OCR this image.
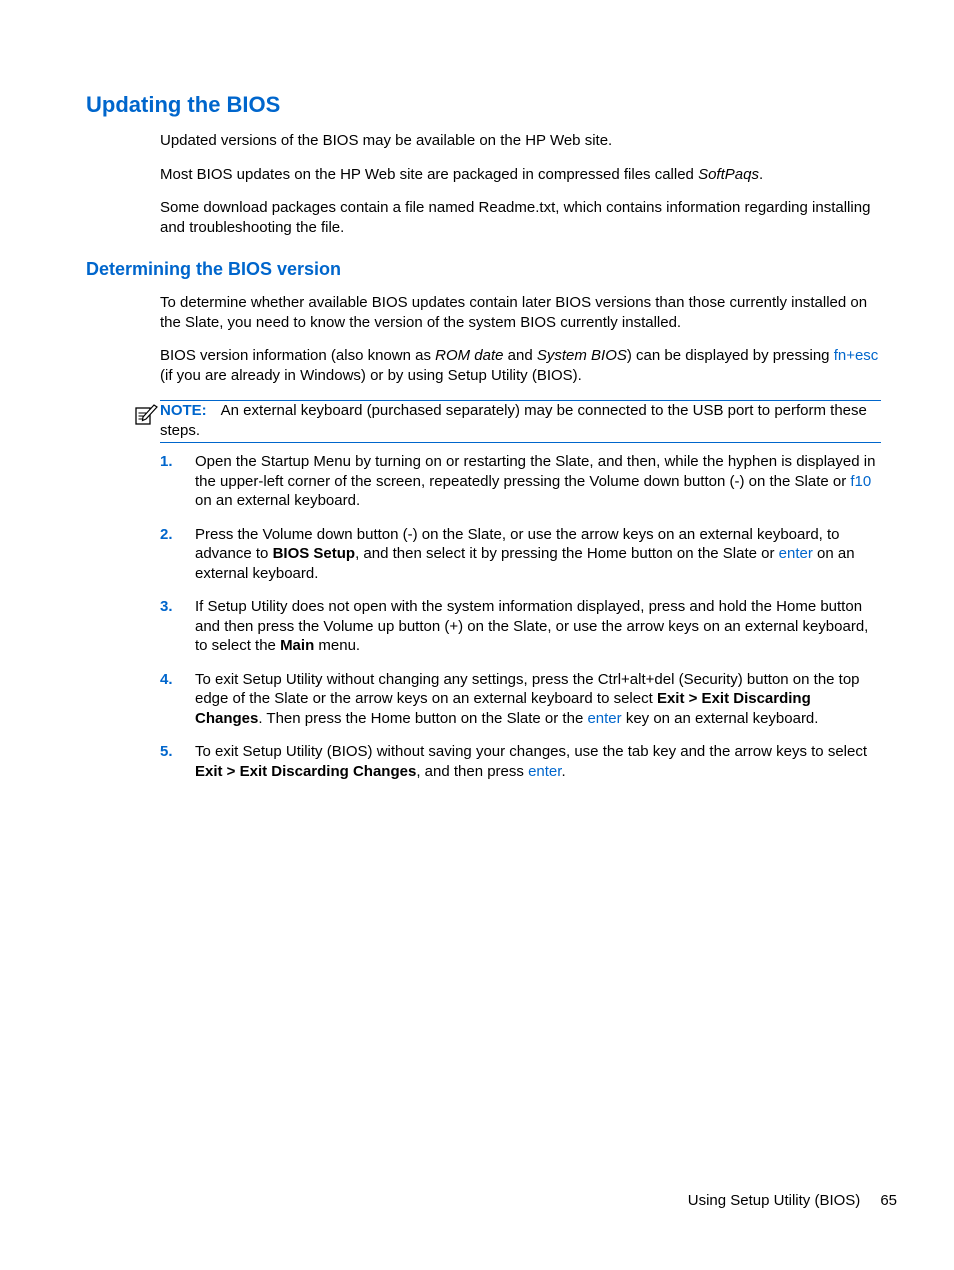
Updating the BIOS

Updated versions of the BIOS may be available on the HP Web site.

Most BIOS updates on the HP Web site are packaged in compressed files called SoftPaqs.

Some download packages contain a file named Readme.txt, which contains information regarding installing and troubleshooting the file.

Determining the BIOS version

To determine whether available BIOS updates contain later BIOS versions than those currently installed on the Slate, you need to know the version of the system BIOS currently installed.

BIOS version information (also known as ROM date and System BIOS) can be displayed by pressing fn+esc (if you are already in Windows) or by using Setup Utility (BIOS).

NOTE: An external keyboard (purchased separately) may be connected to the USB port to perform these steps.
1. Open the Startup Menu by turning on or restarting the Slate, and then, while the hyphen is displayed in the upper-left corner of the screen, repeatedly pressing the Volume down button (-) on the Slate or f10 on an external keyboard.
2. Press the Volume down button (-) on the Slate, or use the arrow keys on an external keyboard, to advance to BIOS Setup, and then select it by pressing the Home button on the Slate or enter on an external keyboard.
3. If Setup Utility does not open with the system information displayed, press and hold the Home button and then press the Volume up button (+) on the Slate, or use the arrow keys on an external keyboard, to select the Main menu.
4. To exit Setup Utility without changing any settings, press the Ctrl+alt+del (Security) button on the top edge of the Slate or the arrow keys on an external keyboard to select Exit > Exit Discarding Changes. Then press the Home button on the Slate or the enter key on an external keyboard.
5. To exit Setup Utility (BIOS) without saving your changes, use the tab key and the arrow keys to select Exit > Exit Discarding Changes, and then press enter.
Using Setup Utility (BIOS) 65
